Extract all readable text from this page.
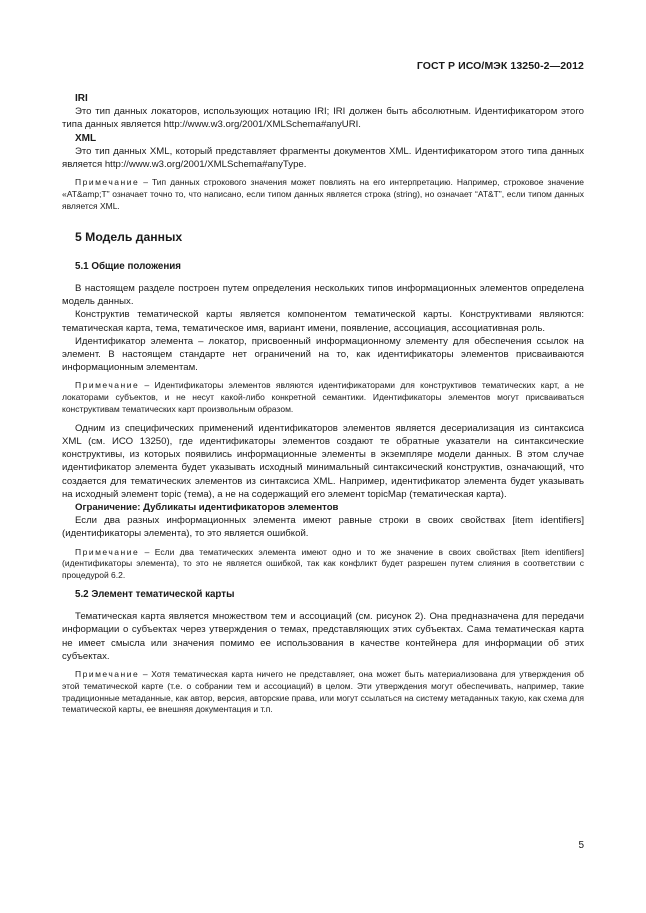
ГОСТ Р ИСО/МЭК 13250-2—2012

IRI

Это тип данных локаторов, использующих нотацию IRI; IRI должен быть абсолютным. Идентификатором этого типа данных является http://www.w3.org/2001/XMLSchema#anyURI.

XML

Это тип данных XML, который представляет фрагменты документов XML. Идентификатором этого типа данных является http://www.w3.org/2001/XMLSchema#anyType.

Примечание – Тип данных строкового значения может повлиять на его интерпретацию. Например, строковое значение «AT&amp;T” означает точно то, что написано, если типом данных является строка (string), но означает “AT&T”, если типом данных является XML.

5 Модель данных

5.1 Общие положения

В настоящем разделе построен путем определения нескольких типов информационных элементов определена модель данных.

Конструктив тематической карты является компонентом тематической карты. Конструктивами являются: тематическая карта, тема, тематическое имя, вариант имени, появление, ассоциация, ассоциативная роль.

Идентификатор элемента – локатор, присвоенный информационному элементу для обеспечения ссылок на элемент. В настоящем стандарте нет ограничений на то, как идентификаторы элементов присваиваются информационным элементам.

Примечание – Идентификаторы элементов являются идентификаторами для конструктивов тематических карт, а не локаторами субъектов, и не несут какой-либо конкретной семантики. Идентификаторы элементов могут присваиваться конструктивам тематических карт произвольным образом.

Одним из специфических применений идентификаторов элементов является десериализация из синтаксиса XML (см. ИСО 13250), где идентификаторы элементов создают те обратные указатели на синтаксические конструктивы, из которых появились информационные элементы в экземпляре модели данных. В этом случае идентификатор элемента будет указывать исходный минимальный синтаксический конструктив, означающий, что создается для тематических элементов из синтаксиса XML. Например, идентификатор элемента будет указывать на исходный элемент topic (тема), а не на содержащий его элемент topicMap (тематическая карта).

Ограничение: Дубликаты идентификаторов элементов

Если два разных информационных элемента имеют равные строки в своих свойствах [item identifiers] (идентификаторы элемента), то это является ошибкой.

Примечание – Если два тематических элемента имеют одно и то же значение в своих свойствах [item identifiers] (идентификаторы элемента), то это не является ошибкой, так как конфликт будет разрешен путем слияния в соответствии с процедурой 6.2.

5.2 Элемент тематической карты

Тематическая карта является множеством тем и ассоциаций (см. рисунок 2). Она предназначена для передачи информации о субъектах через утверждения о темах, представляющих этих субъектах. Сама тематическая карта не имеет смысла или значения помимо ее использования в качестве контейнера для информации об этих субъектах.

Примечание – Хотя тематическая карта ничего не представляет, она может быть материализована для утверждения об этой тематической карте (т.е. о собрании тем и ассоциаций) в целом. Эти утверждения могут обеспечивать, например, такие традиционные метаданные, как автор, версия, авторские права, или могут ссылаться на систему метаданных такую, как схема для тематической карты, ее внешняя документация и т.п.

5
